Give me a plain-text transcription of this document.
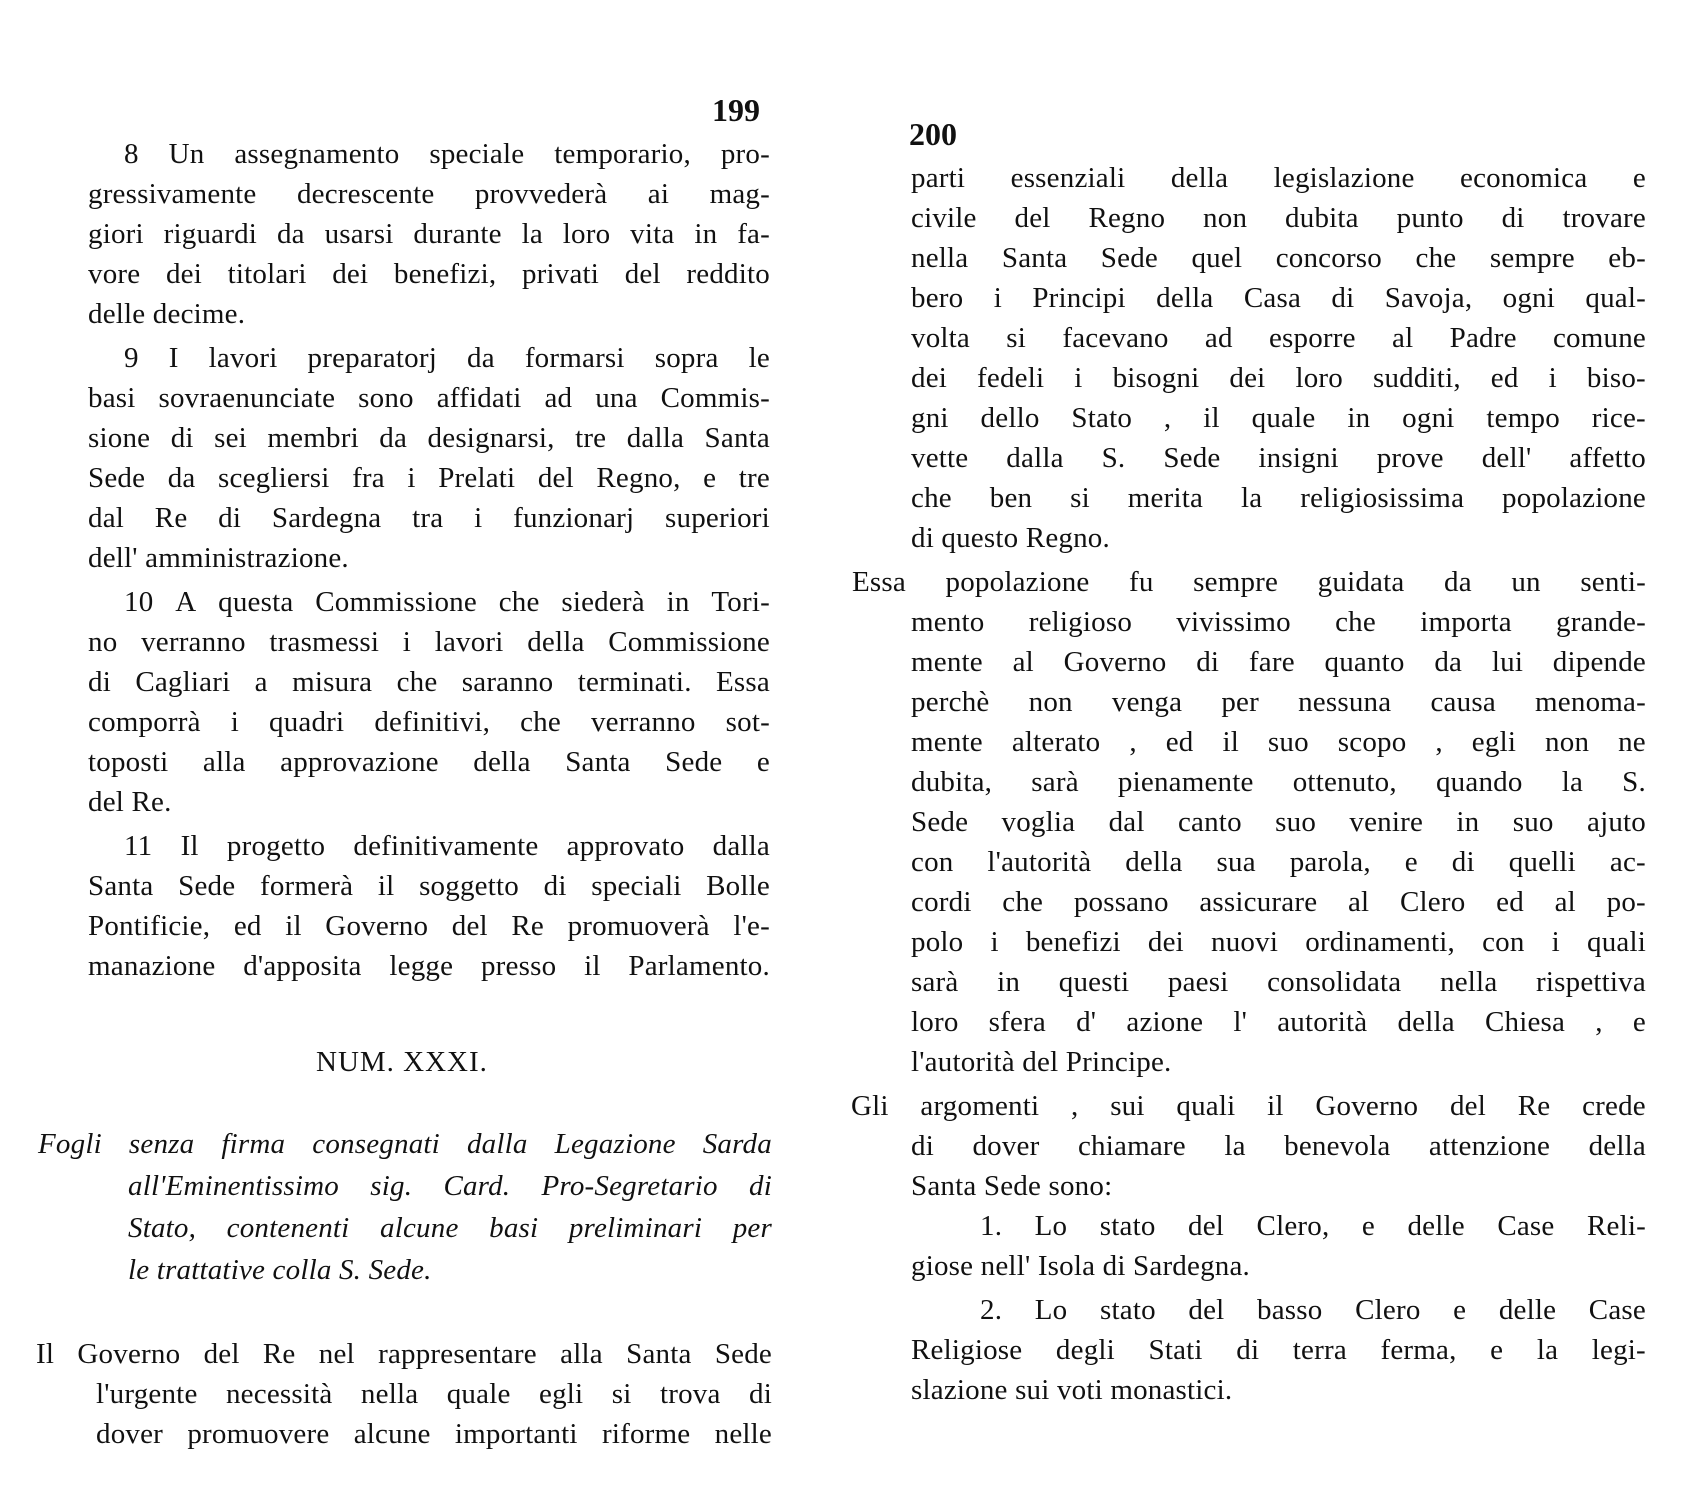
199
8 Un assegnamento speciale temporario, pro-
gressivamente decrescente provvederà ai mag-
giori riguardi da usarsi durante la loro vita in fa-
vore dei titolari dei benefizi, privati del reddito
delle decime.
9 I lavori preparatorj da formarsi sopra le
basi sovraenunciate sono affidati ad una Commis-
sione di sei membri da designarsi, tre dalla Santa
Sede da scegliersi fra i Prelati del Regno, e tre
dal Re di Sardegna tra i funzionarj superiori
dell' amministrazione.
10 A questa Commissione che siederà in Tori-
no verranno trasmessi i lavori della Commissione
di Cagliari a misura che saranno terminati. Essa
comporrà i quadri definitivi, che verranno sot-
toposti alla approvazione della Santa Sede e
del Re.
11 Il progetto definitivamente approvato dalla
Santa Sede formerà il soggetto di speciali Bolle
Pontificie, ed il Governo del Re promuoverà l'e-
manazione d'apposita legge presso il Parlamento.
NUM. XXXI.
Fogli senza firma consegnati dalla Legazione Sarda
all'Eminentissimo sig. Card. Pro-Segretario di
Stato, contenenti alcune basi preliminari per
le trattative colla S. Sede.
Il Governo del Re nel rappresentare alla Santa Sede
l'urgente necessità nella quale egli si trova di
dover promuovere alcune importanti riforme nelle
200
parti essenziali della legislazione economica e
civile del Regno non dubita punto di trovare
nella Santa Sede quel concorso che sempre eb-
bero i Principi della Casa di Savoja, ogni qual-
volta si facevano ad esporre al Padre comune
dei fedeli i bisogni dei loro sudditi, ed i biso-
gni dello Stato , il quale in ogni tempo rice-
vette dalla S. Sede insigni prove dell' affetto
che ben si merita la religiosissima popolazione
di questo Regno.
Essa popolazione fu sempre guidata da un senti-
mento religioso vivissimo che importa grande-
mente al Governo di fare quanto da lui dipende
perchè non venga per nessuna causa menoma-
mente alterato , ed il suo scopo , egli non ne
dubita, sarà pienamente ottenuto, quando la S.
Sede voglia dal canto suo venire in suo ajuto
con l'autorità della sua parola, e di quelli ac-
cordi che possano assicurare al Clero ed al po-
polo i benefizi dei nuovi ordinamenti, con i quali
sarà in questi paesi consolidata nella rispettiva
loro sfera d' azione l' autorità della Chiesa , e
l'autorità del Principe.
Gli argomenti , sui quali il Governo del Re crede
di dover chiamare la benevola attenzione della
Santa Sede sono:
1. Lo stato del Clero, e delle Case Reli-
giose nell' Isola di Sardegna.
2. Lo stato del basso Clero e delle Case
Religiose degli Stati di terra ferma, e la legi-
slazione sui voti monastici.
